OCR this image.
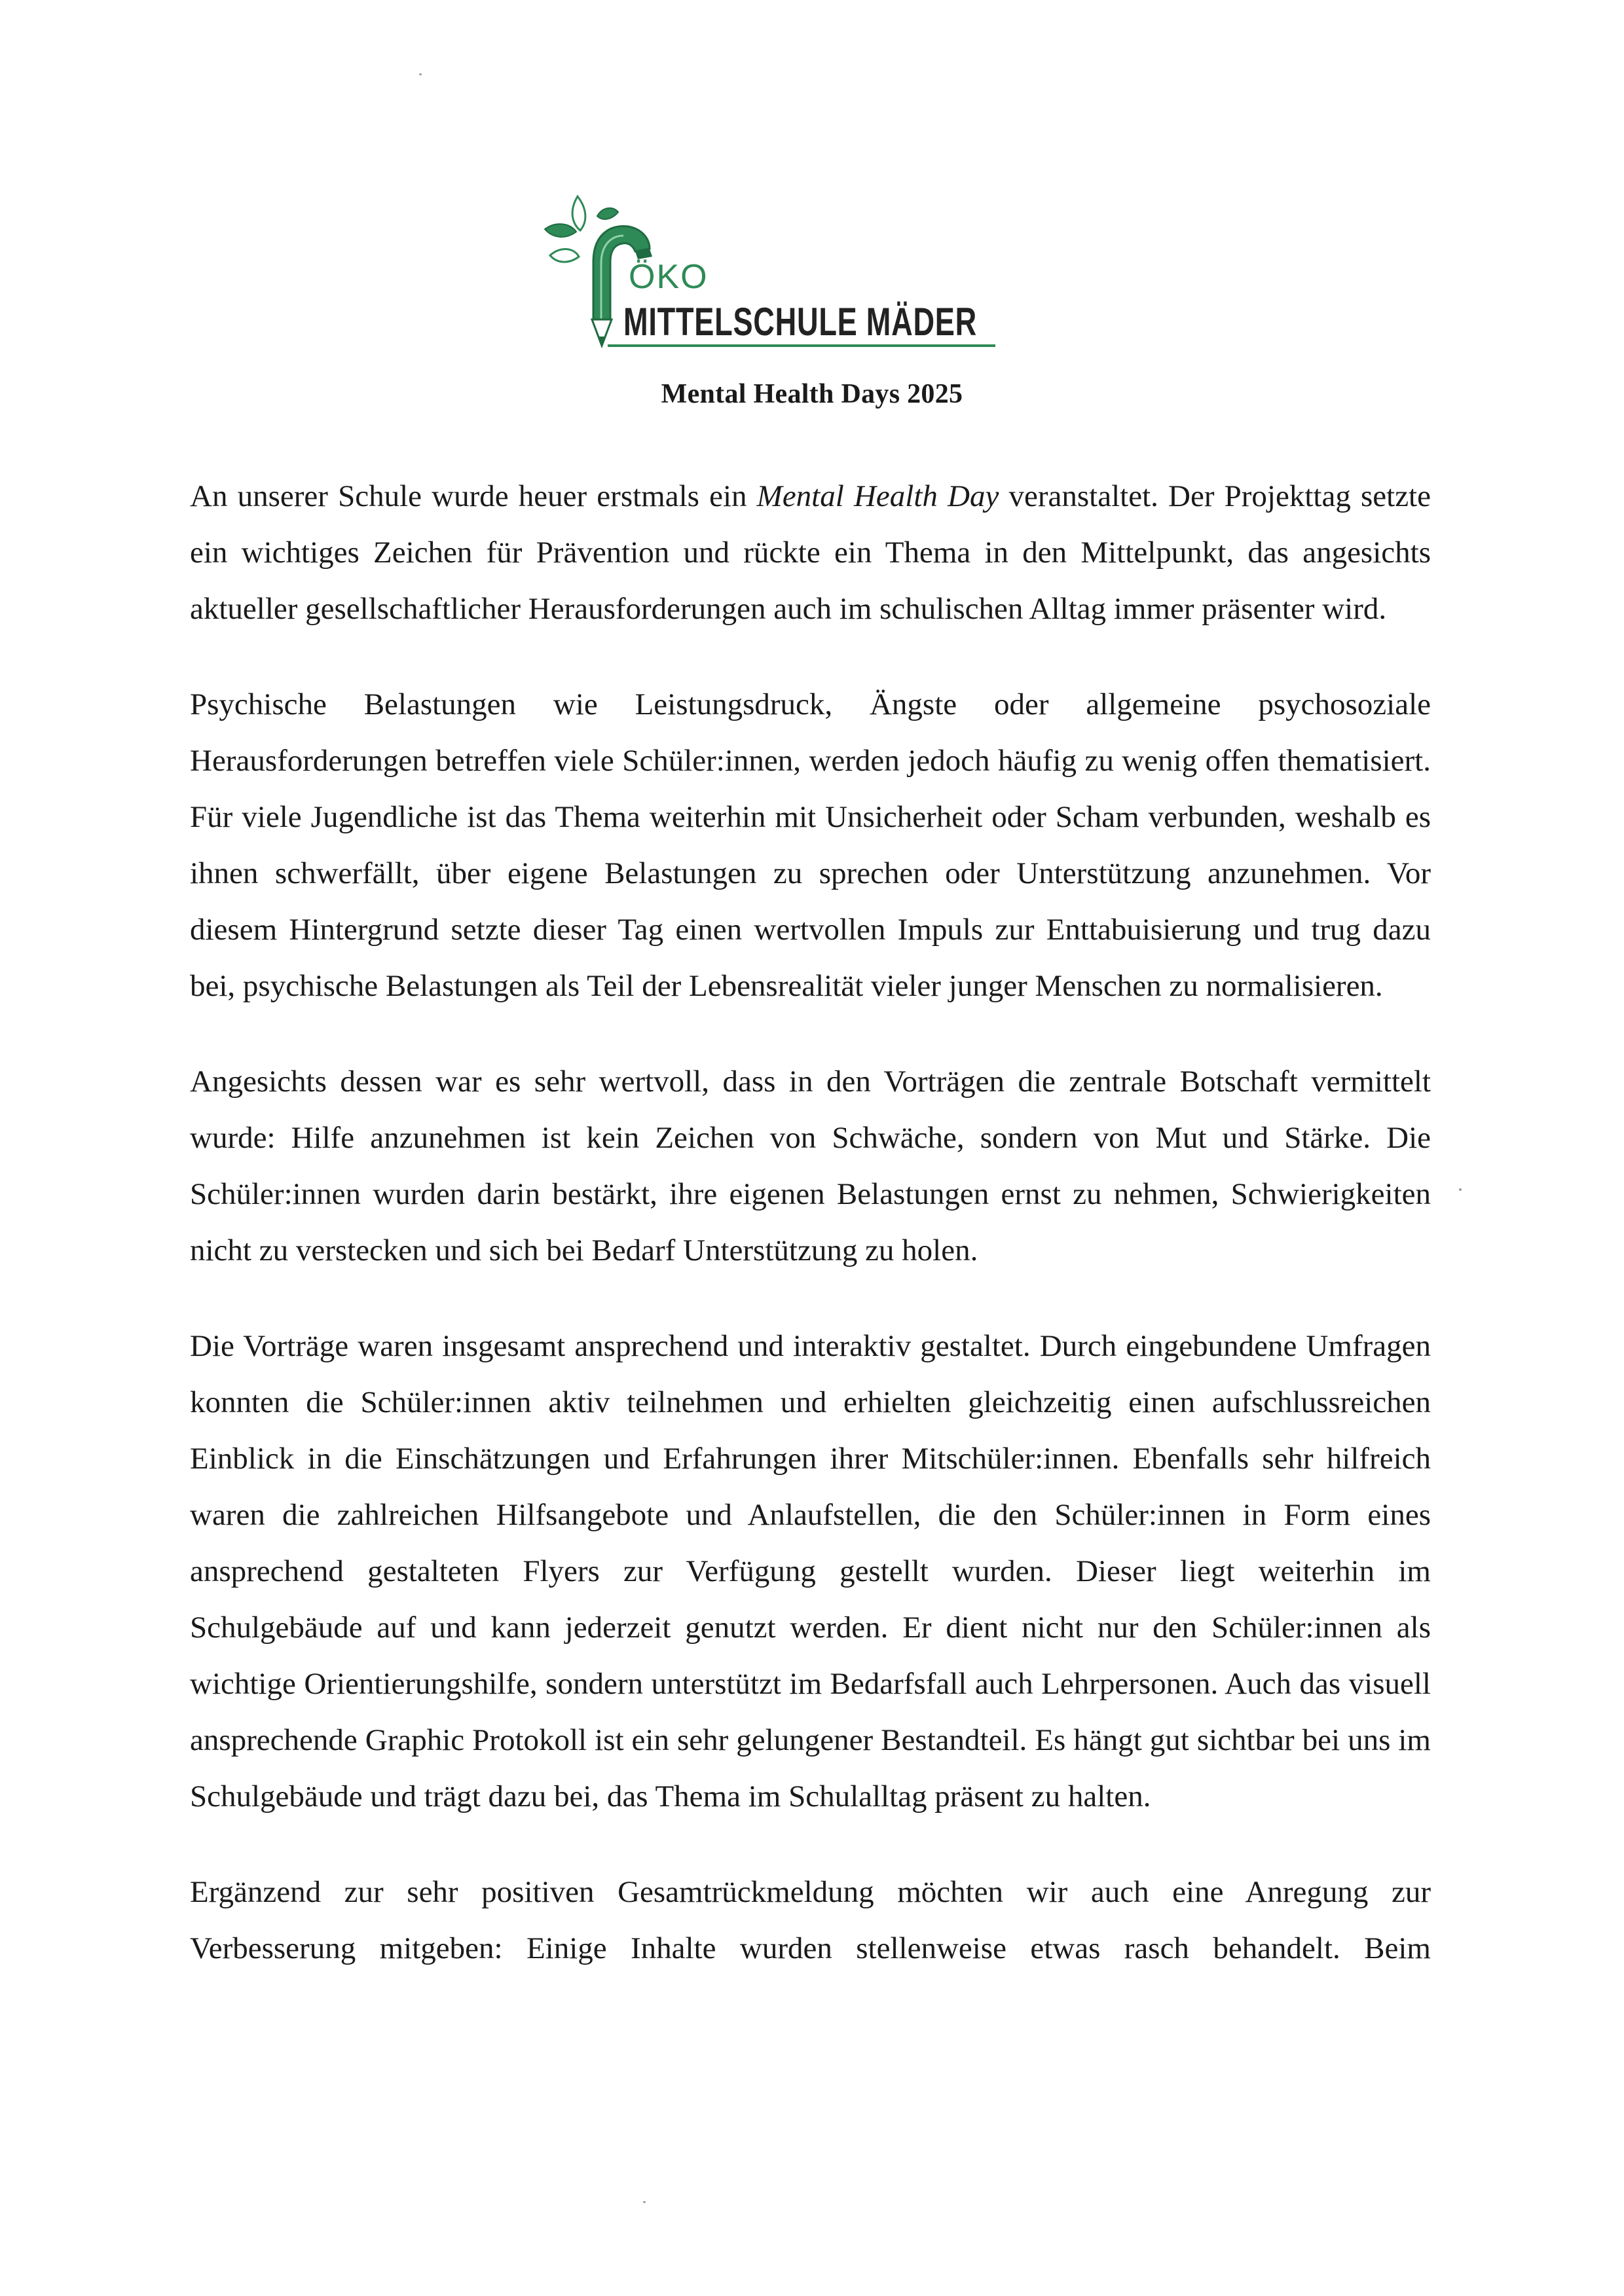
ÖKO
MITTELSCHULE MÄDER
Mental Health Days 2025

An unserer Schule wurde heuer erstmals ein Mental Health Day veranstaltet. Der Projekttag setzte ein wichtiges Zeichen für Prävention und rückte ein Thema in den Mittelpunkt, das angesichts aktueller gesellschaftlicher Herausforderungen auch im schulischen Alltag immer präsenter wird.

Psychische Belastungen wie Leistungsdruck, Ängste oder allgemeine psychosoziale Herausforderungen betreffen viele Schüler:innen, werden jedoch häufig zu wenig offen thematisiert. Für viele Jugendliche ist das Thema weiterhin mit Unsicherheit oder Scham verbunden, weshalb es ihnen schwerfällt, über eigene Belastungen zu sprechen oder Unterstützung anzunehmen. Vor diesem Hintergrund setzte dieser Tag einen wertvollen Impuls zur Enttabuisierung und trug dazu bei, psychische Belastungen als Teil der Lebensrealität vieler junger Menschen zu normalisieren.

Angesichts dessen war es sehr wertvoll, dass in den Vorträgen die zentrale Botschaft vermittelt wurde: Hilfe anzunehmen ist kein Zeichen von Schwäche, sondern von Mut und Stärke. Die Schüler:innen wurden darin bestärkt, ihre eigenen Belastungen ernst zu nehmen, Schwierigkeiten nicht zu verstecken und sich bei Bedarf Unterstützung zu holen.

Die Vorträge waren insgesamt ansprechend und interaktiv gestaltet. Durch eingebundene Umfragen konnten die Schüler:innen aktiv teilnehmen und erhielten gleichzeitig einen aufschlussreichen Einblick in die Einschätzungen und Erfahrungen ihrer Mitschüler:innen. Ebenfalls sehr hilfreich waren die zahlreichen Hilfsangebote und Anlaufstellen, die den Schüler:innen in Form eines ansprechend gestalteten Flyers zur Verfügung gestellt wurden. Dieser liegt weiterhin im Schulgebäude auf und kann jederzeit genutzt werden. Er dient nicht nur den Schüler:innen als wichtige Orientierungshilfe, sondern unterstützt im Bedarfsfall auch Lehrpersonen. Auch das visuell ansprechende Graphic Protokoll ist ein sehr gelungener Bestandteil. Es hängt gut sichtbar bei uns im Schulgebäude und trägt dazu bei, das Thema im Schulalltag präsent zu halten.

Ergänzend zur sehr positiven Gesamtrückmeldung möchten wir auch eine Anregung zur Verbesserung mitgeben: Einige Inhalte wurden stellenweise etwas rasch behandelt. Beim
